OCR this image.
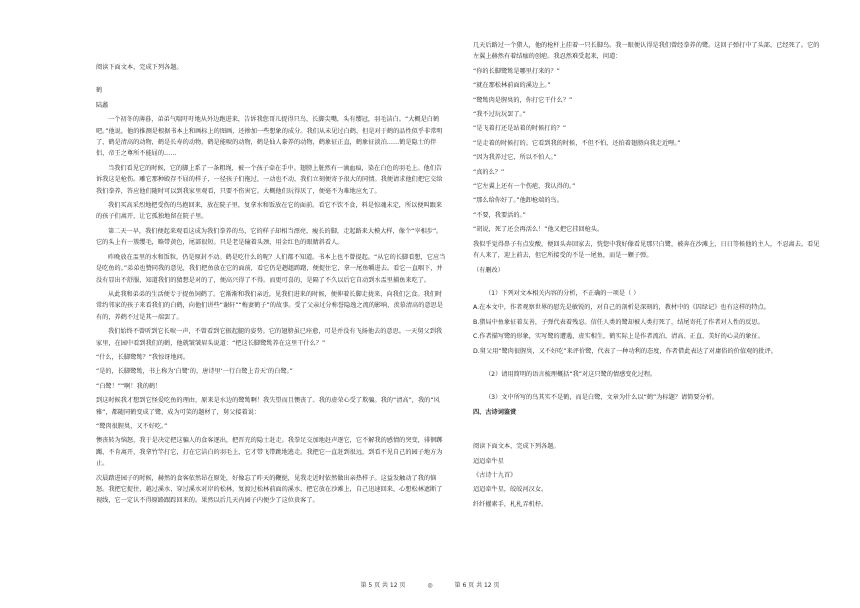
阅读下面文本，完成下列各题。

鹤

陆蠡

一个初冬的薄暮，弟弟气喘吁吁地从外边跑进来，告诉我您哥儿捉得只鸟，长脚尖嘴，头有缨冠，羽毛洁白。“大概是白鹤吧。”他说，他的推测是根据书本上和画标上的图画，还掺加一些想象的成分。我们从未见过白鹤，但是对于鹤的品性似乎非常明了，鹤是清高的动物，鹤是长寿的动物，鹤是能唳的动物，鹤是仙人豢养的动物，鹤象征正直，鹤象征淡泊……鹤是隐士的伴侣，帝王之尊所不能屈的……

当我们看见它的时候，它的脚上系了一条粗绳，被一个孩子牵在手中。翅膀上脏然有一滴血痕，染在白色的羽毛上。他们告诉我这是枪伤。雕它那种殿存不屈的样子，一径孩子们拖过，一动也不动，我们立刻便寄予很大的同情。我便请求他们把它交给我们拳养，答应他们随时可以到我家里观看，只要不伤害它。大概他们玩得厌了，便毫不为难地应允了。

我们买高采烈地把受伤的鸟抱回来，放在院子里，复拿水和饭放在它的面前。看它不饮不食，料是惊魂未定，所以便叫跟来的孩子们离开，让它孤独地留在院子里。

第二天一早，我们便起来观看这成为我们拳养的鸟，它的样子却相当漂亮，瘦长的脚，走起路来大模大样，像个“宰相步”。它的头上有一簇缨毛，略带黄色，尾部很短。只是老是输着头颈，用金红色的眼睛斜看人。

昨晚放在盂里的水和饭粒，仍是原封不动。鹤是吃什么的呢？人们都不知道。书本上也不曾提起。“从它的长脚看想，它应当是吃鱼的。”弟弟也赞同我的意见，我们把鱼放在它的面前，看它仍是趔趄踌躇，便捉住它，拿一尾鱼嚼进去。看它一直咽下，并没有显出不舒服，知道我们的猜想是对的了，便高兴得了不得。而更可喜的，是隔了不久以后它自动到水盂里捕鱼来吃了。

从此我和弟弟的生活便专于捉鱼饲鹤了。它渐渐和我们亲近，见我们进来的时候，便伸着长脚走拢来，向我们乞食。我们时常约邻家的孩子来看我们的白鹤，向他们讲些“谢轩”“梅妻鹤子”的故事。受了父亲过分称誉隐逸之流的影响，羡慕清高的意思是有的，养鹤不过是其一端罢了。

我们始终不曾听到它长唳一声，不曾看到它振起腿的姿势。它的翅膀虽已痊愈，可是并没有飞扬他去的意思。一天舅父到我家里，在园中看到我们的鹤，他就皱皱眉头说道：“把这长脚鹭鸶养在这里干什么？”

“什么，长脚鹭鸶？”我惊讶地问。

“是的，长脚鹭鸶，书上称为‘白鹭’的，唐诗里‘一行白鹭上青天’的白鹭。”

“白鹭！”“啊！我的鹤！

到这时候我才想到它怪爱吃鱼的理由，原来是水边的鹭鸶啊！我失望而且懊丧了。我的虚荣心受了欺骗。我的“清高”，我的“风雅”，都随同鹤变成了鹭，成为可笑的题材了，舅父接着说：

“鹭肉很腥臭，又不好吃。”

懊丧转为恼怒，我于是决定把这骗人的食客逐出，把晋充的隐士赶走。我拳足交加地赶声逐它，它不解我的感情的突变，徘徊踯躅，不肯离开，我拿竹竿打它，打在它洁白的羽毛上，它才带飞带跳地逃走。我把它一直赶到很远，到看不见自己的园子地方为止。

次晨踏进园子的时候，赫然的食客依然昂在原处，好像忘了昨天的鞭挞，见我走近时依然做出亲热样子。这益发触动了我的恼怒。我把它捉住，越过溪水，穿过溪水对岸的松林，复渡过松林前面的溪水，把它放在沙滩上，自己迅速回来，心想松林遮断了视线，它一定认不得原路跟踪回来的。果然以后几天内园子内便少了这位贵客了。

几天后路过一个猎人，他的枪杆上挂着一只长脚鸟。我一眼便认得是我们曾经拳养的鹭。这回子弹打中了头部，已经死了。它的左翼上赫然有着结痂的创疤。我忍然难受起来，问道：

“你的长脚鹭鸶是哪里打来的？”

“就在那松林前面的溪边上。”

“鹭鸶肉是腥臭的，你打它干什么？”

“我不过玩玩罢了。”

“是飞着打还是站着的时候打的？”

“是走着的时候打的。它看到我的时候，不但不怕，还拍着翅膀向我走近哩。”

“因为我养过它，所以不怕人。”

“真的么？”

“它左翼上还有一个伤疤，我认得的。”

“那么给你好了。”他卸枪端的鸟。

“不要，我要活的。”

“胡说，死了还会再活么！”他又把它挂回枪头。

我似乎觉得鼻子有点发酸，便回头奔回家去，恍惚中我好像看见那只白鹭，被奔在沙滩上，日日等候他的主人，不忍离去。看见有人来了，迎上前去，但它所接受的不是一尾鱼，而是一颗子弹。

（有删改）

（1）下列对文本相关内容的分析，不正确的一项是（ ）

A.在本文中，作者观察世界的慰先是敏锐的，对自己的剖析是深刻的，教材中的《囚绿记》也有这样的特点。

B.猎局中鱼象征着友善，子弹代表着残忍。信任人类的鹭却被人类打死了，结尾寄托了作者对人性的反思。

C.作者描写鹭的形象，实写鹭的遭遇，虚实相生，鹤实际上是作者流泊、清高、正直、美好的心灵的象征。

D.舅父用“鹭肉很腥臭，又不好吃”来评价鹭，代表了一种功利的态度，作者借此表达了对庸俗的价值观的批评。

（2）请用简明的语言梳理概括“我”对这只鹭的情感变化过程。

（3）文中所写的鸟其实不是鹤，而是白鹭，文章为什么以“鹤”为标题？请简要分析。

四、古诗词鉴赏

阅读下面文本，完成下列各题。

迢迢牵牛星

《古诗十九首》

迢迢牵牛星，皎皎河汉女。

纤纤擢素手，札札弄机杼。

第 5 页 共 12 页	◎	第 6 页 共 12 页
